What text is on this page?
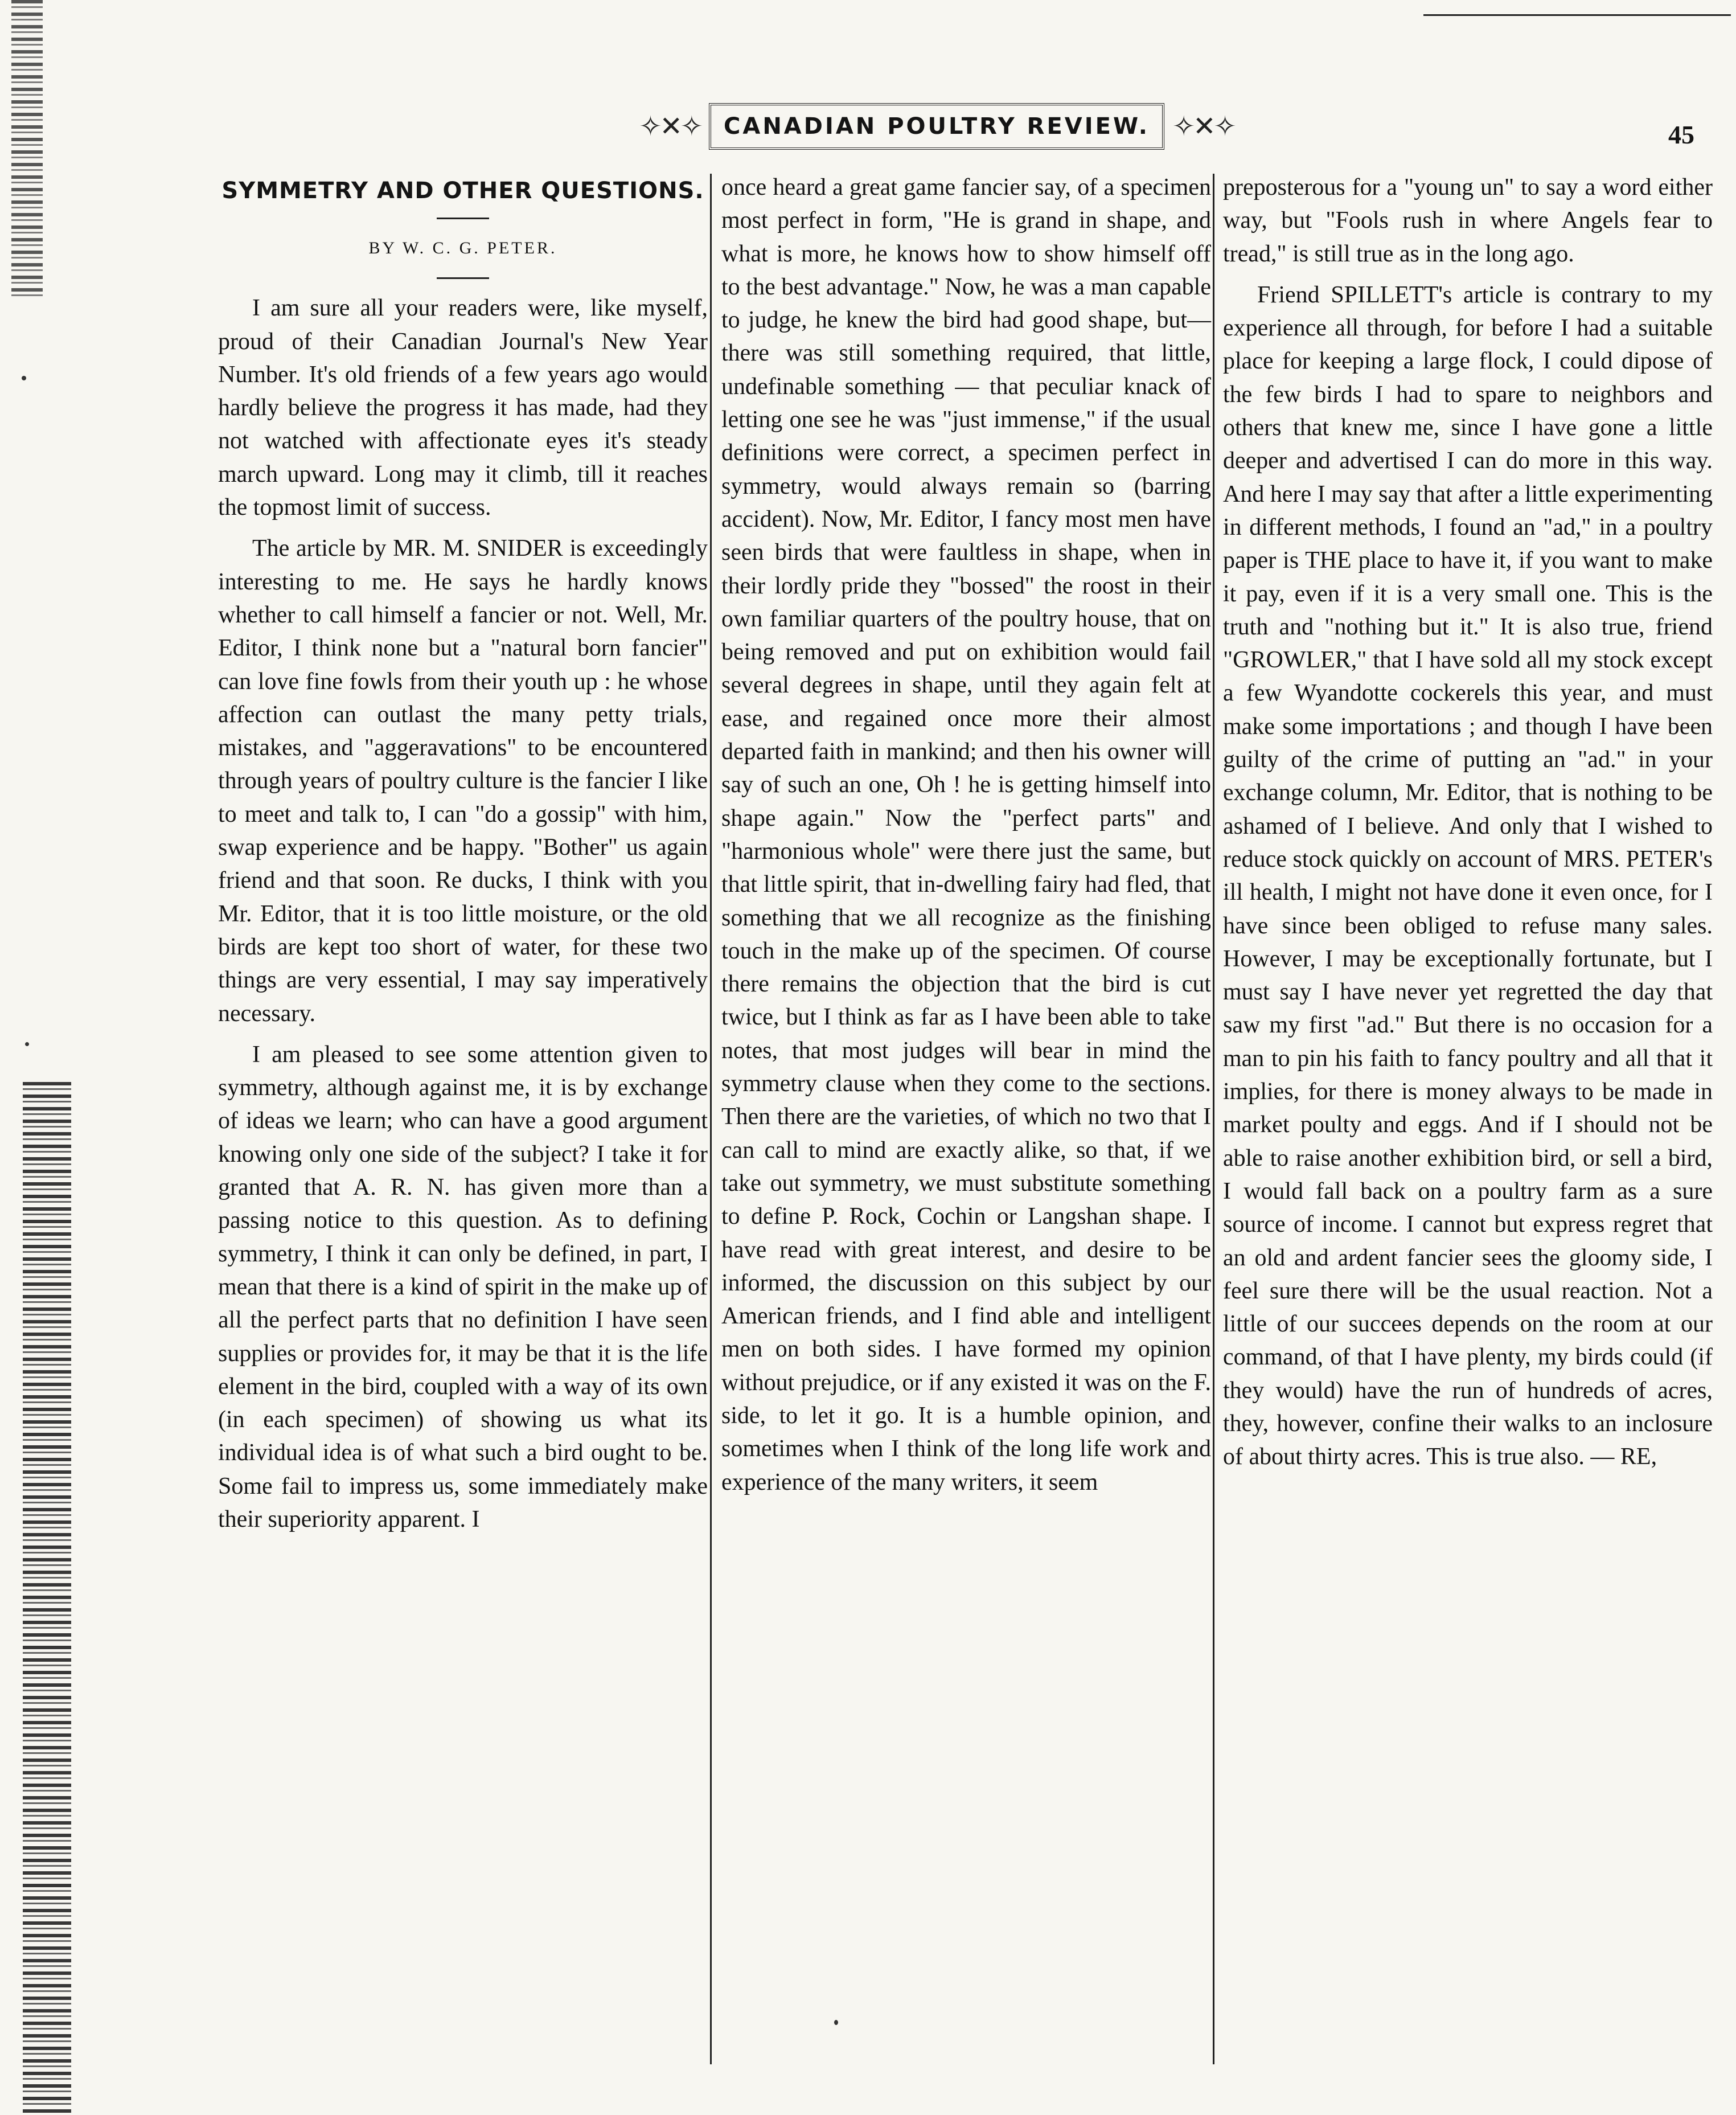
✧✕✧	CANADIAN POULTRY REVIEW. ✧✕✧	45
SYMMETRY AND OTHER QUESTIONS.
BY W. C. G. PETER.

I am sure all your readers were, like myself, proud of their Canadian Journal's New Year Number. It's old friends of a few years ago would hardly believe the progress it has made, had they not watched with affectionate eyes it's steady march upward. Long may it climb, till it reaches the topmost limit of success.

The article by MR. M. SNIDER is exceedingly interesting to me. He says he hardly knows whether to call himself a fancier or not. Well, Mr. Editor, I think none but a "natural born fancier" can love fine fowls from their youth up : he whose affection can outlast the many petty trials, mistakes, and "aggeravations" to be encountered through years of poultry culture is the fancier I like to meet and talk to, I can "do a gossip" with him, swap experience and be happy. "Bother" us again friend and that soon. Re ducks, I think with you Mr. Editor, that it is too little moisture, or the old birds are kept too short of water, for these two things are very essential, I may say imperatively necessary.

I am pleased to see some attention given to symmetry, although against me, it is by exchange of ideas we learn; who can have a good argument knowing only one side of the subject? I take it for granted that A. R. N. has given more than a passing notice to this question. As to defining symmetry, I think it can only be defined, in part, I mean that there is a kind of spirit in the make up of all the perfect parts that no definition I have seen supplies or provides for, it may be that it is the life element in the bird, coupled with a way of its own (in each specimen) of showing us what its individual idea is of what such a bird ought to be. Some fail to impress us, some immediately make their superiority apparent. I

once heard a great game fancier say, of a specimen most perfect in form, "He is grand in shape, and what is more, he knows how to show himself off to the best advantage." Now, he was a man capable to judge, he knew the bird had good shape, but—there was still something required, that little, undefinable something — that peculiar knack of letting one see he was "just immense," if the usual definitions were correct, a specimen perfect in symmetry, would always remain so (barring accident). Now, Mr. Editor, I fancy most men have seen birds that were faultless in shape, when in their lordly pride they "bossed" the roost in their own familiar quarters of the poultry house, that on being removed and put on exhibition would fail several degrees in shape, until they again felt at ease, and regained once more their almost departed faith in mankind; and then his owner will say of such an one, Oh ! he is getting himself into shape again." Now the "perfect parts" and "harmonious whole" were there just the same, but that little spirit, that in-dwelling fairy had fled, that something that we all recognize as the finishing touch in the make up of the specimen. Of course there remains the objection that the bird is cut twice, but I think as far as I have been able to take notes, that most judges will bear in mind the symmetry clause when they come to the sections. Then there are the varieties, of which no two that I can call to mind are exactly alike, so that, if we take out symmetry, we must substitute something to define P. Rock, Cochin or Langshan shape. I have read with great interest, and desire to be informed, the discussion on this subject by our American friends, and I find able and intelligent men on both sides. I have formed my opinion without prejudice, or if any existed it was on the F. side, to let it go. It is a humble opinion, and sometimes when I think of the long life work and experience of the many writers, it seem

preposterous for a "young un" to say a word either way, but "Fools rush in where Angels fear to tread," is still true as in the long ago.

Friend SPILLETT's article is contrary to my experience all through, for before I had a suitable place for keeping a large flock, I could dipose of the few birds I had to spare to neighbors and others that knew me, since I have gone a little deeper and advertised I can do more in this way. And here I may say that after a little experimenting in different methods, I found an "ad," in a poultry paper is THE place to have it, if you want to make it pay, even if it is a very small one. This is the truth and "nothing but it." It is also true, friend "GROWLER," that I have sold all my stock except a few Wyandotte cockerels this year, and must make some importations ; and though I have been guilty of the crime of putting an "ad." in your exchange column, Mr. Editor, that is nothing to be ashamed of I believe. And only that I wished to reduce stock quickly on account of MRS. PETER's ill health, I might not have done it even once, for I have since been obliged to refuse many sales. However, I may be exceptionally fortunate, but I must say I have never yet regretted the day that saw my first "ad." But there is no occasion for a man to pin his faith to fancy poultry and all that it implies, for there is money always to be made in market poulty and eggs. And if I should not be able to raise another exhibition bird, or sell a bird, I would fall back on a poultry farm as a sure source of income. I cannot but express regret that an old and ardent fancier sees the gloomy side, I feel sure there will be the usual reaction. Not a little of our succees depends on the room at our command, of that I have plenty, my birds could (if they would) have the run of hundreds of acres, they, however, confine their walks to an inclosure of about thirty acres. This is true also. — RE,
